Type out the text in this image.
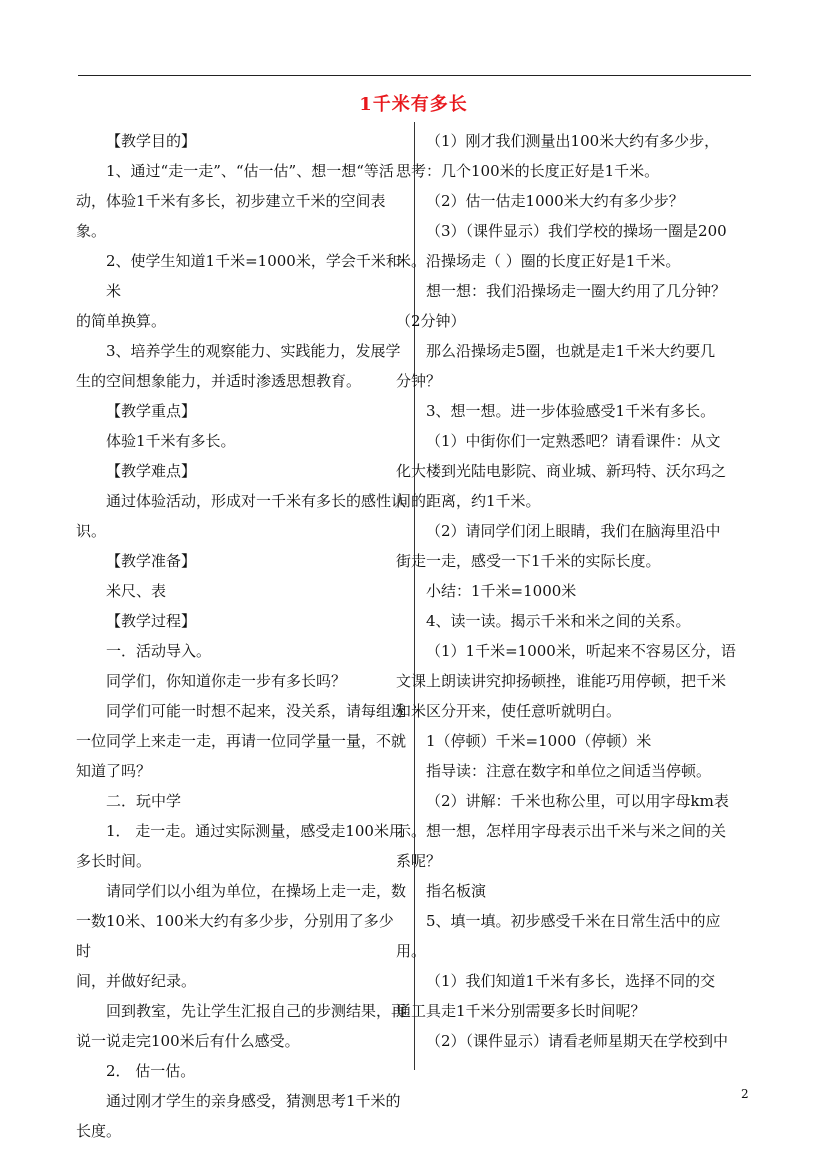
1千米有多长

【教学目的】

1、通过“走一走”、“估一估”、想一想“等活

动，体验1千米有多长，初步建立千米的空间表象。

2、使学生知道1千米=1000米，学会千米和米

的简单换算。

3、培养学生的观察能力、实践能力，发展学

生的空间想象能力，并适时渗透思想教育。

【教学重点】

体验1千米有多长。

【教学难点】

通过体验活动，形成对一千米有多长的感性认

识。

【教学准备】

米尺、表

【教学过程】

一．活动导入。

同学们，你知道你走一步有多长吗？

同学们可能一时想不起来，没关系，请每组选

一位同学上来走一走，再请一位同学量一量，不就

知道了吗？

二．玩中学

1． 走一走。通过实际测量，感受走100米用

多长时间。

请同学们以小组为单位，在操场上走一走，数

一数10米、100米大约有多少步，分别用了多少时

间，并做好纪录。

回到教室，先让学生汇报自己的步测结果，再

说一说走完100米后有什么感受。

2． 估一估。

通过刚才学生的亲身感受，猜测思考1千米的

长度。

（1）刚才我们测量出100米大约有多少步，

思考：几个100米的长度正好是1千米。

（2）估一估走1000米大约有多少步？

（3）（课件显示）我们学校的操场一圈是200

米。沿操场走（ ）圈的长度正好是1千米。

想一想：我们沿操场走一圈大约用了几分钟？

（2分钟）

那么沿操场走5圈，也就是走1千米大约要几

分钟？

3、想一想。进一步体验感受1千米有多长。

（1）中街你们一定熟悉吧？请看课件：从文

化大楼到光陆电影院、商业城、新玛特、沃尔玛之

间的距离，约1千米。

（2）请同学们闭上眼睛，我们在脑海里沿中

街走一走，感受一下1千米的实际长度。

小结：1千米=1000米

4、读一读。揭示千米和米之间的关系。

（1）1千米=1000米，听起来不容易区分，语

文课上朗读讲究抑扬顿挫，谁能巧用停顿，把千米

和米区分开来，使任意听就明白。

1（停顿）千米=1000（停顿）米

指导读：注意在数字和单位之间适当停顿。

（2）讲解：千米也称公里，可以用字母km表

示。想一想，怎样用字母表示出千米与米之间的关

系呢？

指名板演

5、填一填。初步感受千米在日常生活中的应

用。

（1）我们知道1千米有多长，选择不同的交

通工具走1千米分别需要多长时间呢？

（2）（课件显示）请看老师星期天在学校到中

2
